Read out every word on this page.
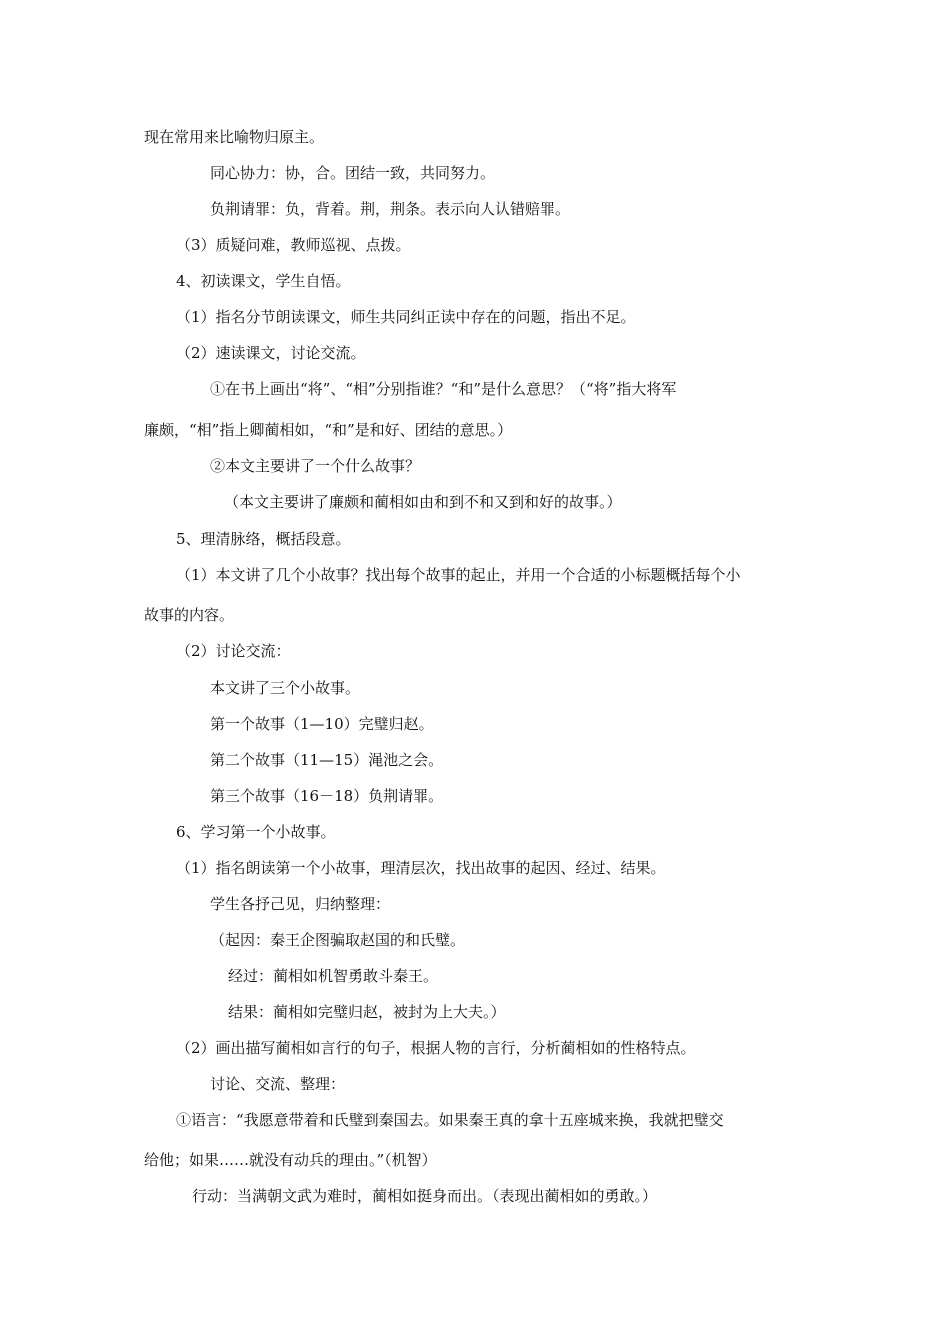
现在常用来比喻物归原主。
同心协力：协，合。团结一致，共同努力。
负荆请罪：负，背着。荆，荆条。表示向人认错赔罪。
（3）质疑问难，教师巡视、点拨。
4、初读课文，学生自悟。
（1）指名分节朗读课文，师生共同纠正读中存在的问题，指出不足。
（2）速读课文，讨论交流。
①在书上画出“将”、“相”分别指谁？“和”是什么意思？（“将”指大将军
廉颇，“相”指上卿蔺相如，“和”是和好、团结的意思。）
②本文主要讲了一个什么故事？
（本文主要讲了廉颇和蔺相如由和到不和又到和好的故事。）
5、理清脉络，概括段意。
（1）本文讲了几个小故事？找出每个故事的起止，并用一个合适的小标题概括每个小
故事的内容。
（2）讨论交流：
本文讲了三个小故事。
第一个故事（1—10）完璧归赵。
第二个故事（11—15）渑池之会。
第三个故事（16－18）负荆请罪。
6、学习第一个小故事。
（1）指名朗读第一个小故事，理清层次，找出故事的起因、经过、结果。
学生各抒己见，归纳整理：
（起因：秦王企图骗取赵国的和氏璧。
经过：蔺相如机智勇敢斗秦王。
结果：蔺相如完璧归赵，被封为上大夫。）
（2）画出描写蔺相如言行的句子，根据人物的言行，分析蔺相如的性格特点。
讨论、交流、整理：
①语言：“我愿意带着和氏璧到秦国去。如果秦王真的拿十五座城来换，我就把璧交
给他；如果……就没有动兵的理由。”（机智）
行动：当满朝文武为难时，蔺相如挺身而出。（表现出蔺相如的勇敢。）
